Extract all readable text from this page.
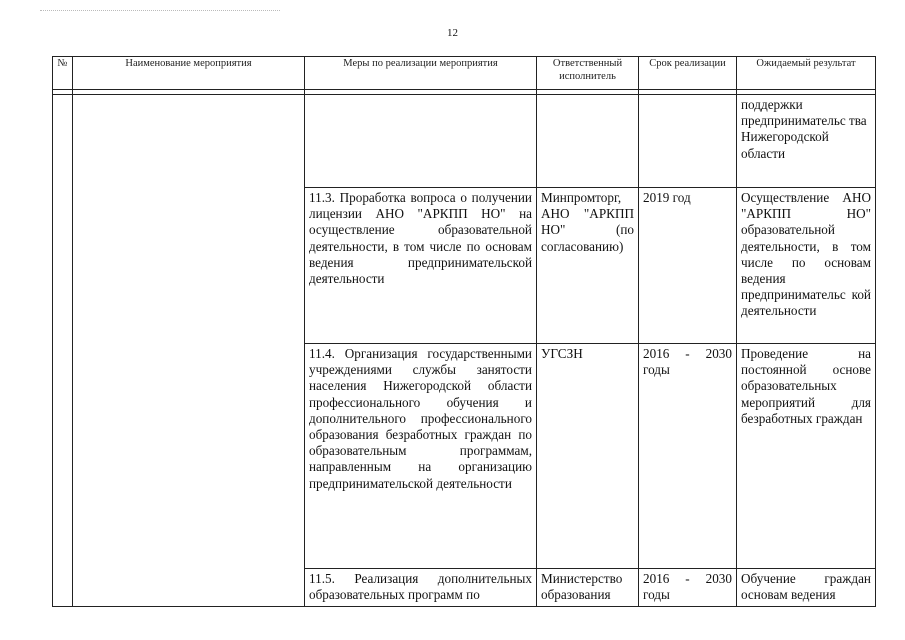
12
№	Наименование мероприятия	Меры по реализации мероприятия	Ответственный исполнитель	Срок реализации	Ожидаемый результат

					поддержки предпринимательс тва Нижегородской области
		11.3. Проработка вопроса о получении лицензии АНО "АРКПП НО" на осуществление образовательной деятельности, в том числе по основам ведения предпринимательской деятельности	Минпромторг, АНО "АРКПП НО" (по согласованию)	2019 год	Осуществление АНО "АРКПП НО" образовательной деятельности, в том числе по основам ведения предпринимательс кой деятельности
		11.4. Организация государственными учреждениями службы занятости населения Нижегородской области профессионального обучения и дополнительного профессионального образования безработных граждан по образовательным программам, направленным на организацию предпринимательской деятельности	УГСЗН	2016 - 2030 годы	Проведение на постоянной основе образовательных мероприятий для безработных граждан
		11.5. Реализация дополнительных образовательных программ по	Министерство образования	2016 - 2030 годы	Обучение граждан основам ведения
